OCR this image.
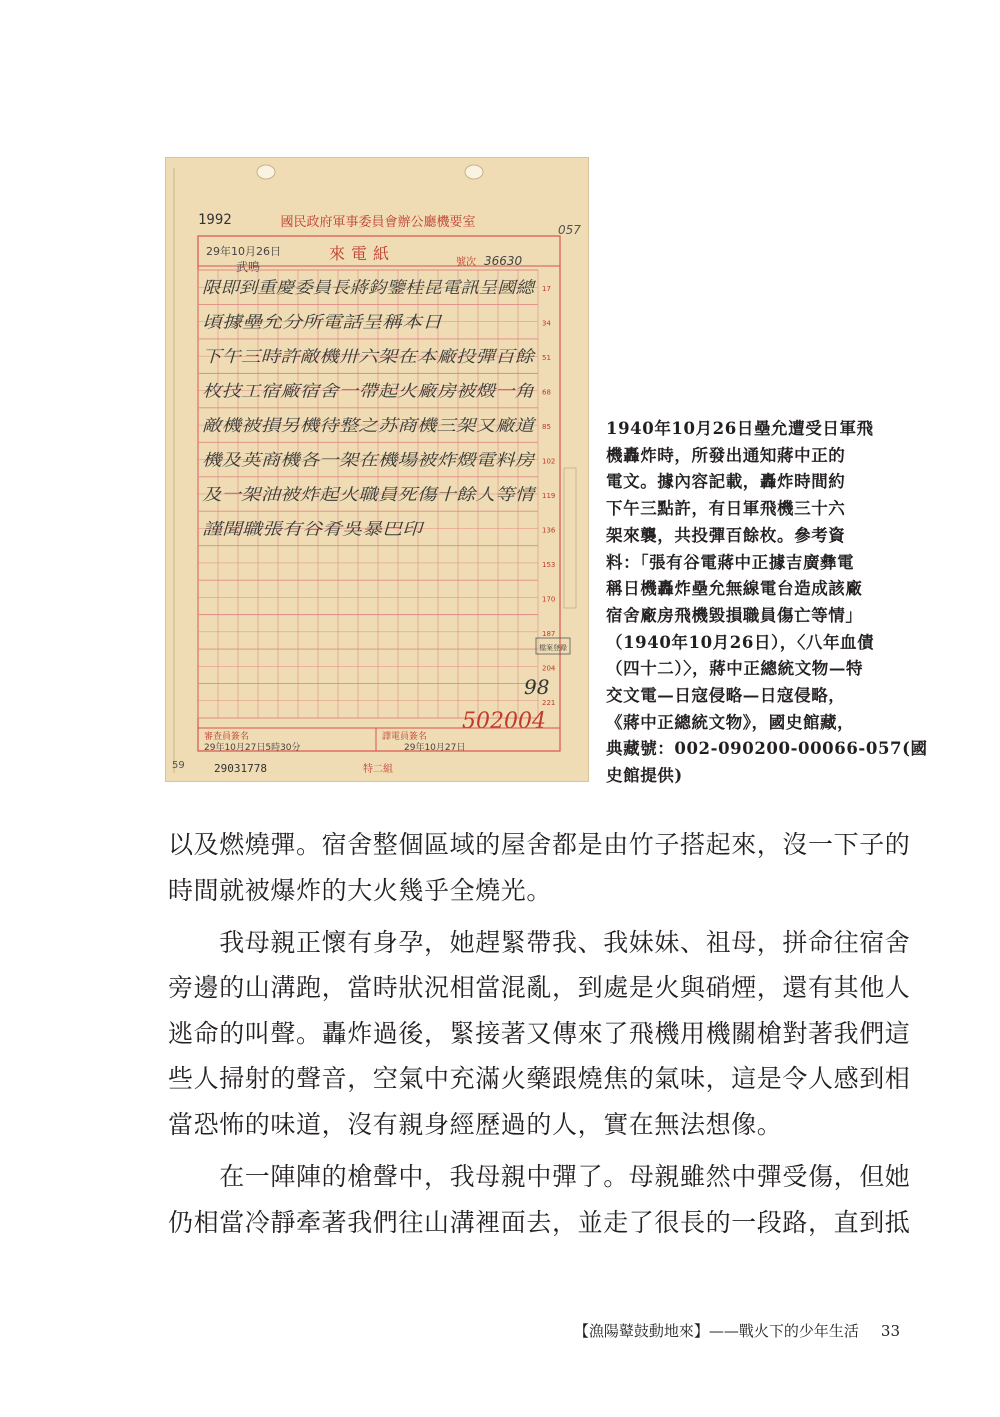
1992	國民政府軍事委員會辦公廳機要室	057
來電紙
29年10月26日
武鳴	號次 36630
17
34
51
68
85
102
119
136
153
170
187
204
221
限即到重慶委員長蔣鈞鑒桂昆電訊呈國總
頃據壘允分所電話呈稱本日
下午三時許敵機卅六架在本廠投彈百餘
枚技工宿廠宿舍一帶起火廠房被燬一角
敵機被損另機待整之苏商機三架又廠道
機及英商機各一架在機場被炸燬電料房
及一架油被炸起火職員死傷十餘人等情
謹聞職張有谷肴吳暴巴印
檔案登錄
98
502004
審查員簽名	譯電員簽名
29年10月27日5時30分	29年10月27日
59	29031778	特二組
1940年10月26日壘允遭受日軍飛
機轟炸時，所發出通知蔣中正的
電文。據內容記載，轟炸時間約
下午三點許，有日軍飛機三十六
架來襲，共投彈百餘枚。參考資
料：「張有谷電蔣中正據吉廣彝電
稱日機轟炸壘允無線電台造成該廠
宿舍廠房飛機毀損職員傷亡等情」
（1940年10月26日），〈八年血債
（四十二）〉，蔣中正總統文物—特
交文電—日寇侵略—日寇侵略，
《蔣中正總統文物》，國史館藏，
典藏號：002-090200-00066-057(國
史館提供)
以及燃燒彈。宿舍整個區域的屋舍都是由竹子搭起來，沒一下子的
時間就被爆炸的大火幾乎全燒光。
　　我母親正懷有身孕，她趕緊帶我、我妹妹、祖母，拼命往宿舍
旁邊的山溝跑，當時狀況相當混亂，到處是火與硝煙，還有其他人
逃命的叫聲。轟炸過後，緊接著又傳來了飛機用機關槍對著我們這
些人掃射的聲音，空氣中充滿火藥跟燒焦的氣味，這是令人感到相
當恐怖的味道，沒有親身經歷過的人，實在無法想像。
　　在一陣陣的槍聲中，我母親中彈了。母親雖然中彈受傷，但她
仍相當冷靜牽著我們往山溝裡面去，並走了很長的一段路，直到抵
【漁陽鼙鼓動地來】——戰火下的少年生活 33
